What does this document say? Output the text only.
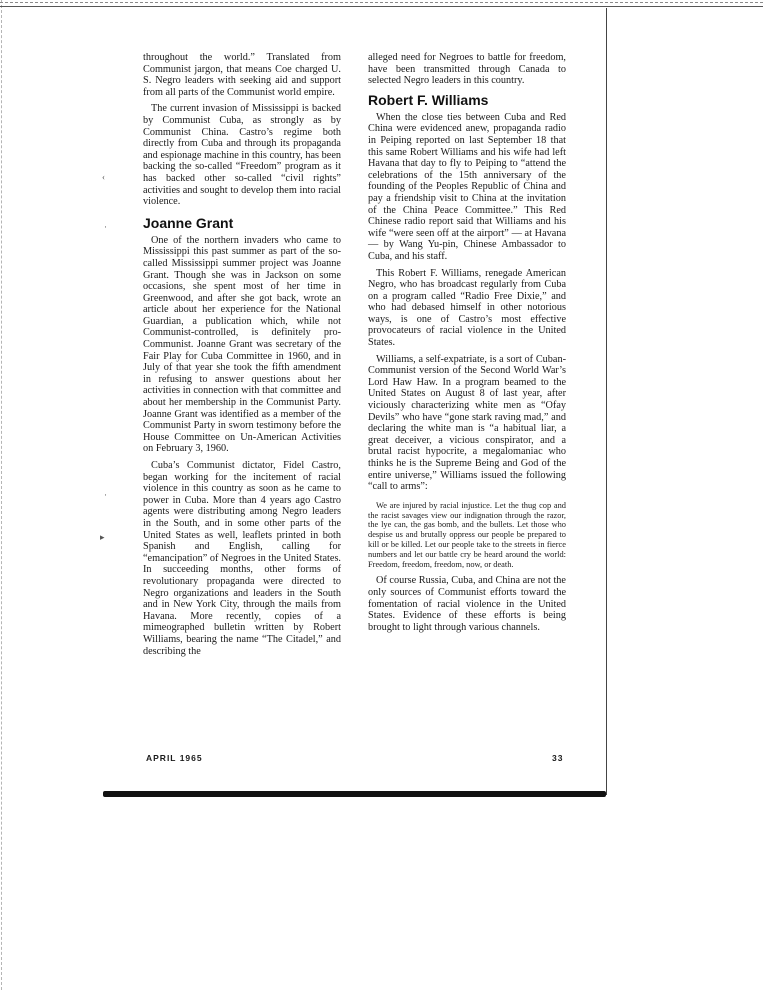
‹
·
·
▸

throughout the world.” Translated from Communist jargon, that means Coe charged U. S. Negro leaders with seeking aid and support from all parts of the Communist world empire.

The current invasion of Mississippi is backed by Communist Cuba, as strongly as by Communist China. Castro’s regime both directly from Cuba and through its propaganda and espionage machine in this country, has been backing the so-called “Freedom” program as it has backed other so-called “civil rights” activities and sought to develop them into racial violence.

Joanne Grant

One of the northern invaders who came to Mississippi this past summer as part of the so-called Mississippi summer project was Joanne Grant. Though she was in Jackson on some occasions, she spent most of her time in Greenwood, and after she got back, wrote an article about her experience for the National Guardian, a publication which, while not Communist-controlled, is definitely pro-Communist. Joanne Grant was secretary of the Fair Play for Cuba Committee in 1960, and in July of that year she took the fifth amendment in refusing to answer questions about her activities in connection with that committee and about her membership in the Communist Party. Joanne Grant was identified as a member of the Communist Party in sworn testimony before the House Committee on Un-American Activities on February 3, 1960.

Cuba’s Communist dictator, Fidel Castro, began working for the incitement of racial violence in this country as soon as he came to power in Cuba. More than 4 years ago Castro agents were distributing among Negro leaders in the South, and in some other parts of the United States as well, leaflets printed in both Spanish and English, calling for “emancipation” of Negroes in the United States. In succeeding months, other forms of revolutionary propaganda were directed to Negro organizations and leaders in the South and in New York City, through the mails from Havana. More recently, copies of a mimeographed bulletin written by Robert Williams, bearing the name “The Citadel,” and describing the

alleged need for Negroes to battle for freedom, have been transmitted through Canada to selected Negro leaders in this country.

Robert F. Williams

When the close ties between Cuba and Red China were evidenced anew, propaganda radio in Peiping reported on last September 18 that this same Robert Williams and his wife had left Havana that day to fly to Peiping to “attend the celebrations of the 15th anniversary of the founding of the Peoples Republic of China and pay a friendship visit to China at the invitation of the China Peace Committee.” This Red Chinese radio report said that Williams and his wife “were seen off at the airport” — at Havana — by Wang Yu-pin, Chinese Ambassador to Cuba, and his staff.

This Robert F. Williams, renegade American Negro, who has broadcast regularly from Cuba on a program called “Radio Free Dixie,” and who had debased himself in other notorious ways, is one of Castro’s most effective provocateurs of racial violence in the United States.

Williams, a self-expatriate, is a sort of Cuban-Communist version of the Second World War’s Lord Haw Haw. In a program beamed to the United States on August 8 of last year, after viciously characterizing white men as “Ofay Devils” who have “gone stark raving mad,” and declaring the white man is “a habitual liar, a great deceiver, a vicious conspirator, and a brutal racist hypocrite, a megalomaniac who thinks he is the Supreme Being and God of the entire universe,” Williams issued the following “call to arms”:

We are injured by racial injustice. Let the thug cop and the racist savages view our indignation through the razor, the lye can, the gas bomb, and the bullets. Let those who despise us and brutally oppress our people be prepared to kill or be killed. Let our people take to the streets in fierce numbers and let our battle cry be heard around the world: Freedom, freedom, freedom, now, or death.

Of course Russia, Cuba, and China are not the only sources of Communist efforts toward the fomentation of racial violence in the United States. Evidence of these efforts is being brought to light through various channels.

APRIL 1965	33
